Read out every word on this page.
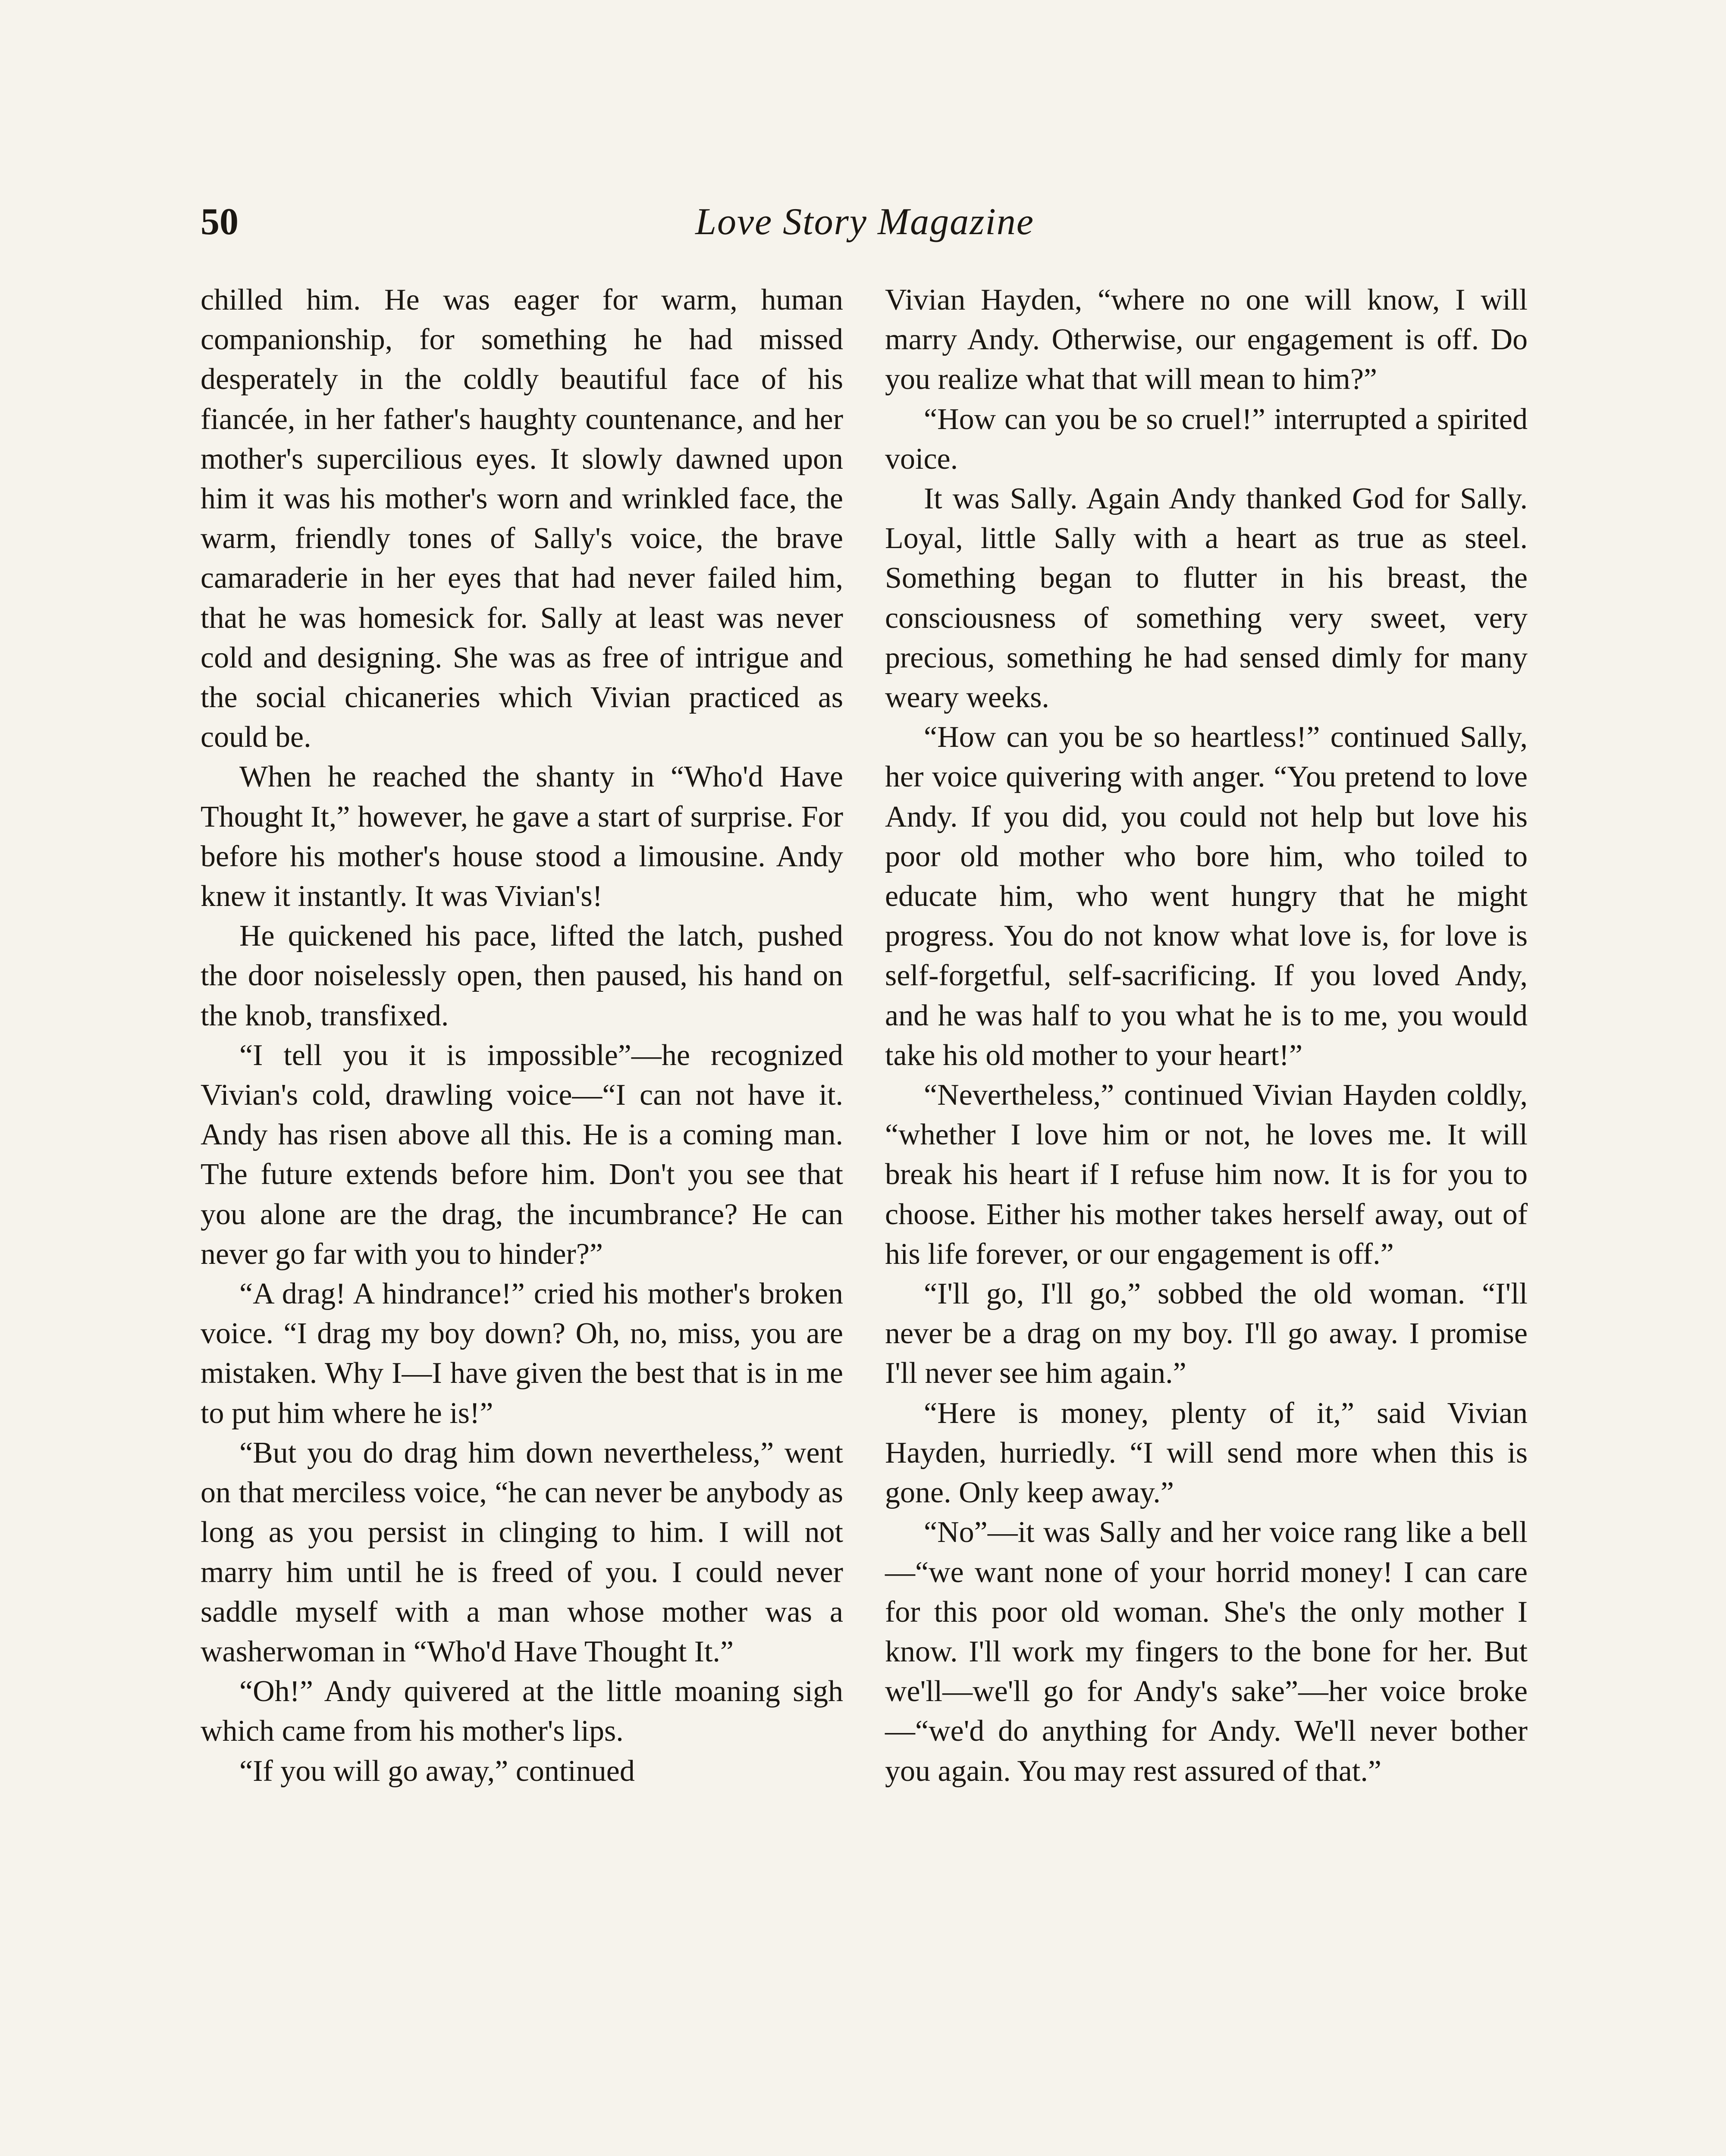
50	Love Story Magazine

chilled him. He was eager for warm, human companionship, for something he had missed desperately in the coldly beautiful face of his fiancée, in her father's haughty countenance, and her mother's supercilious eyes. It slowly dawned upon him it was his mother's worn and wrinkled face, the warm, friendly tones of Sally's voice, the brave camaraderie in her eyes that had never failed him, that he was homesick for. Sally at least was never cold and designing. She was as free of intrigue and the social chicaneries which Vivian practiced as could be.

When he reached the shanty in “Who'd Have Thought It,” however, he gave a start of surprise. For before his mother's house stood a limousine. Andy knew it instantly. It was Vivian's!

He quickened his pace, lifted the latch, pushed the door noiselessly open, then paused, his hand on the knob, transfixed.

“I tell you it is impossible”—he recognized Vivian's cold, drawling voice—“I can not have it. Andy has risen above all this. He is a coming man. The future extends before him. Don't you see that you alone are the drag, the incumbrance? He can never go far with you to hinder?”

“A drag! A hindrance!” cried his mother's broken voice. “I drag my boy down? Oh, no, miss, you are mistaken. Why I—I have given the best that is in me to put him where he is!”

“But you do drag him down nevertheless,” went on that merciless voice, “he can never be anybody as long as you persist in clinging to him. I will not marry him until he is freed of you. I could never saddle myself with a man whose mother was a washerwoman in “Who'd Have Thought It.”

“Oh!” Andy quivered at the little moaning sigh which came from his mother's lips.

“If you will go away,” continued

Vivian Hayden, “where no one will know, I will marry Andy. Otherwise, our engagement is off. Do you realize what that will mean to him?”

“How can you be so cruel!” interrupted a spirited voice.

It was Sally. Again Andy thanked God for Sally. Loyal, little Sally with a heart as true as steel. Something began to flutter in his breast, the consciousness of something very sweet, very precious, something he had sensed dimly for many weary weeks.

“How can you be so heartless!” continued Sally, her voice quivering with anger. “You pretend to love Andy. If you did, you could not help but love his poor old mother who bore him, who toiled to educate him, who went hungry that he might progress. You do not know what love is, for love is self-forgetful, self-sacrificing. If you loved Andy, and he was half to you what he is to me, you would take his old mother to your heart!”

“Nevertheless,” continued Vivian Hayden coldly, “whether I love him or not, he loves me. It will break his heart if I refuse him now. It is for you to choose. Either his mother takes herself away, out of his life forever, or our engagement is off.”

“I'll go, I'll go,” sobbed the old woman. “I'll never be a drag on my boy. I'll go away. I promise I'll never see him again.”

“Here is money, plenty of it,” said Vivian Hayden, hurriedly. “I will send more when this is gone. Only keep away.”

“No”—it was Sally and her voice rang like a bell—“we want none of your horrid money! I can care for this poor old woman. She's the only mother I know. I'll work my fingers to the bone for her. But we'll—we'll go for Andy's sake”—her voice broke—“we'd do anything for Andy. We'll never bother you again. You may rest assured of that.”
